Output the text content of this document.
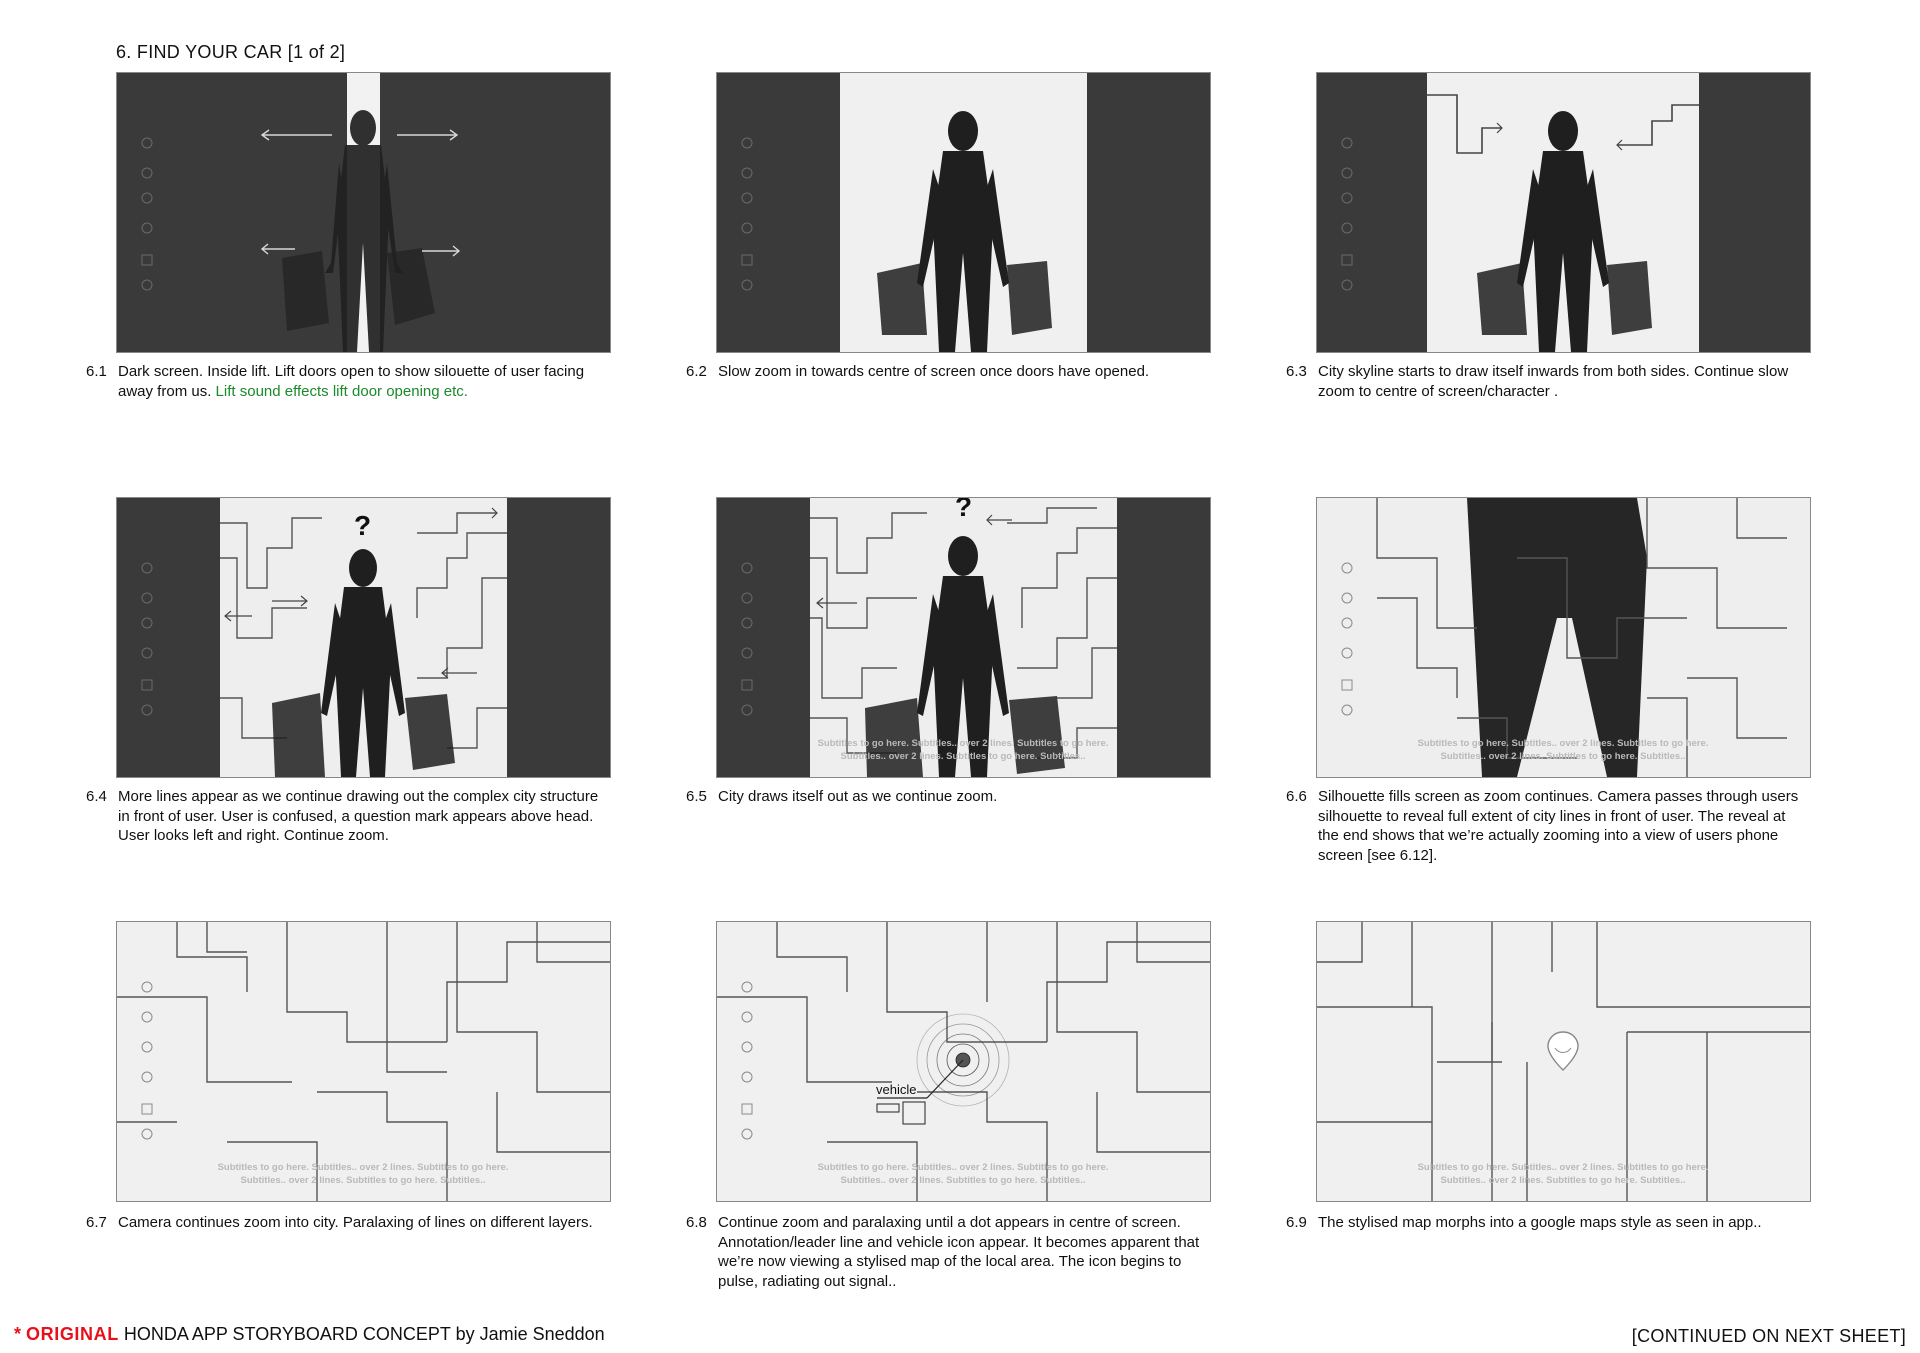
6. FIND YOUR CAR [1 of 2]
6.1 Dark screen. Inside lift. Lift doors open to show silouette of user facing away from us. Lift sound effects lift door opening etc.
6.2 Slow zoom in towards centre of screen once doors have opened.	6.3 City skyline starts to draw itself inwards from both sides. Continue slow zoom to centre of screen/character .
?
6.4 More lines appear as we continue drawing out the complex city structure in front of user. User is confused, a question mark appears above head. User looks left and right. Continue zoom.
?
Subtitles to go here. Subtitles.. over 2 lines. Subtitles to go here.
Subtitles.. over 2 lines. Subtitles to go here. Subtitles..
6.5 City draws itself out as we continue zoom.
Subtitles to go here. Subtitles.. over 2 lines. Subtitles to go here.
Subtitles.. over 2 lines. Subtitles to go here. Subtitles..
6.6 Silhouette fills screen as zoom continues. Camera passes through users silhouette to reveal full extent of city lines in front of user. The reveal at the end shows that we’re actually zooming into a view of users phone screen [see 6.12].
Subtitles to go here. Subtitles.. over 2 lines. Subtitles to go here.
Subtitles.. over 2 lines. Subtitles to go here. Subtitles..
6.7 Camera continues zoom into city. Paralaxing of lines on different layers.
vehicle
Subtitles to go here. Subtitles.. over 2 lines. Subtitles to go here.
Subtitles.. over 2 lines. Subtitles to go here. Subtitles..
6.8 Continue zoom and paralaxing until a dot appears in centre of screen. Annotation/leader line and vehicle icon appear. It becomes apparent that we’re now viewing a stylised map of the local area. The icon begins to pulse, radiating out signal..
Subtitles to go here. Subtitles.. over 2 lines. Subtitles to go here.
Subtitles.. over 2 lines. Subtitles to go here. Subtitles..
6.9 The stylised map morphs into a google maps style as seen in app..
* ORIGINAL HONDA APP STORYBOARD CONCEPT by Jamie Sneddon	[CONTINUED ON NEXT SHEET]
